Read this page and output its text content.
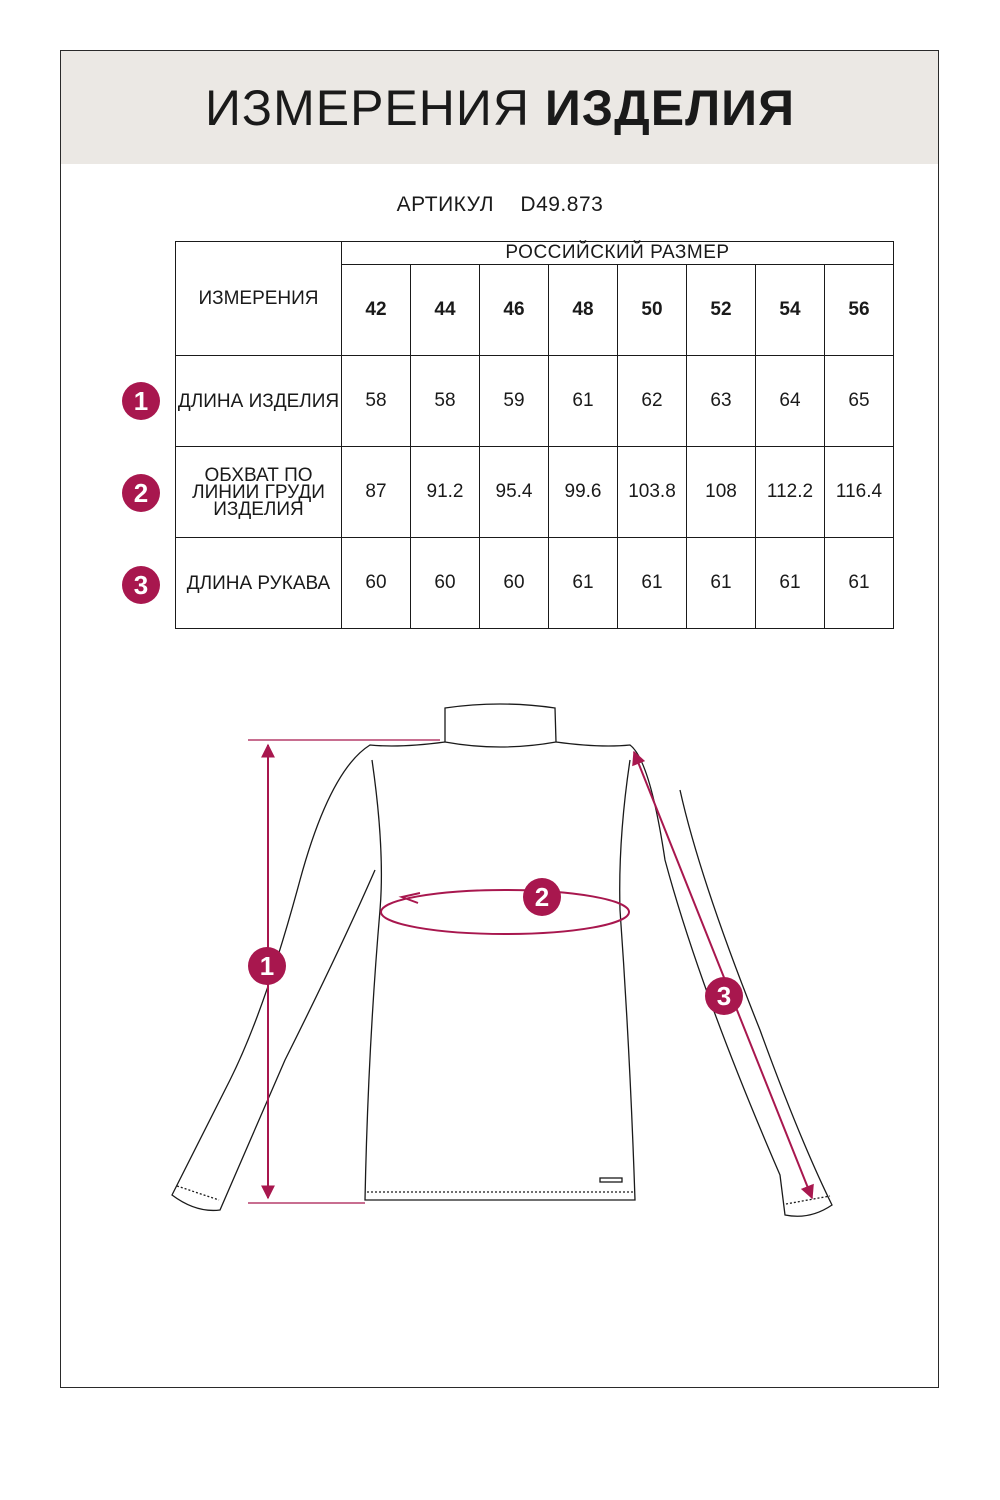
ИЗМЕРЕНИЯ ИЗДЕЛИЯ
АРТИКУЛ D49.873
ИЗМЕРЕНИЯ	РОССИЙСКИЙ РАЗМЕР							
	42	44	46	48	50	52	54	56
ДЛИНА ИЗДЕЛИЯ	58	58	59	61	62	63	64	65
ОБХВАТ ПО ЛИНИИ ГРУДИ ИЗДЕЛИЯ	87	91.2	95.4	99.6	103.8	108	112.2	116.4
ДЛИНА РУКАВА	60	60	60	61	61	61	61	61
1
2
3
1
2
3
